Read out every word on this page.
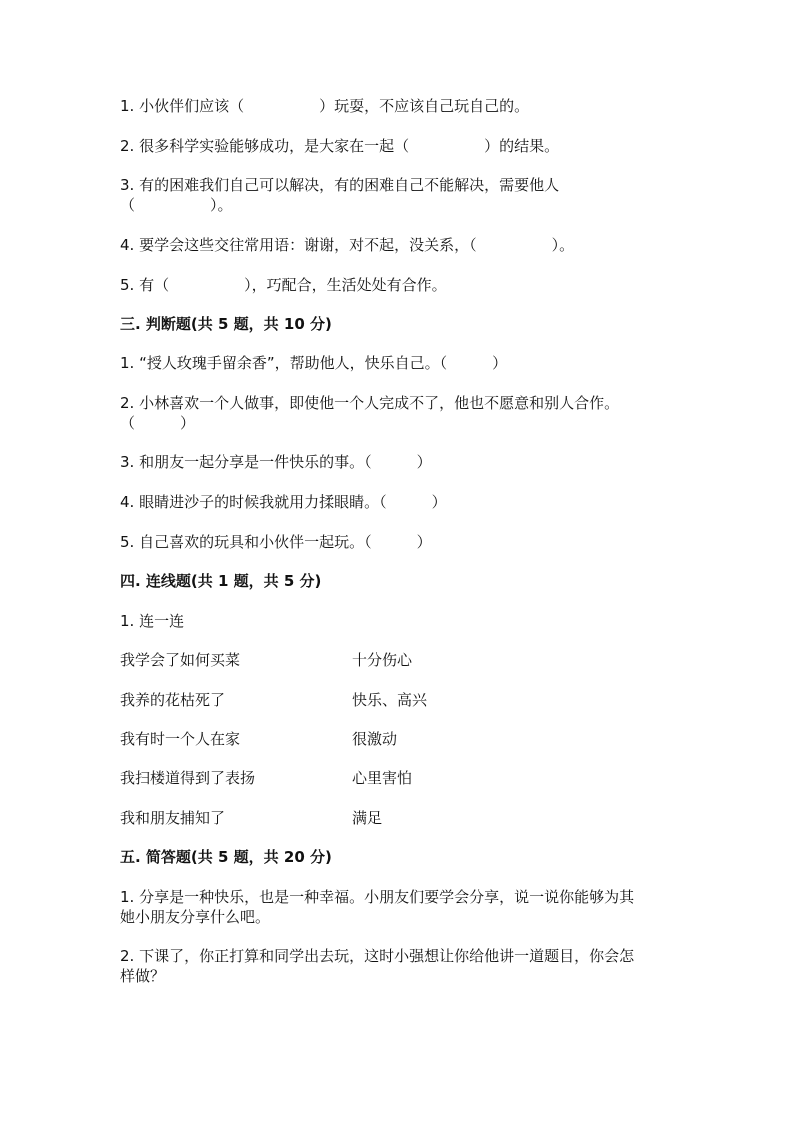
1. 小伙伴们应该（　　　　　）玩耍，不应该自己玩自己的。
2. 很多科学实验能够成功，是大家在一起（　　　　　）的结果。
3. 有的困难我们自己可以解决，有的困难自己不能解决，需要他人
（　　　　　）。
4. 要学会这些交往常用语：谢谢，对不起，没关系，（　　　　　）。
5. 有（　　　　　），巧配合，生活处处有合作。
三. 判断题(共 5 题，共 10 分)
1. “授人玫瑰手留余香”，帮助他人，快乐自己。（　　　）
2. 小林喜欢一个人做事，即使他一个人完成不了，他也不愿意和别人合作。
（　　　）
3. 和朋友一起分享是一件快乐的事。（　　　）
4. 眼睛进沙子的时候我就用力揉眼睛。（　　　）
5. 自己喜欢的玩具和小伙伴一起玩。（　　　）
四. 连线题(共 1 题，共 5 分)
1. 连一连
我学会了如何买菜	十分伤心
我养的花枯死了	快乐、高兴
我有时一个人在家	很激动
我扫楼道得到了表扬	心里害怕
我和朋友捕知了	满足
五. 简答题(共 5 题，共 20 分)
1. 分享是一种快乐，也是一种幸福。小朋友们要学会分享，说一说你能够为其
她小朋友分享什么吧。
2. 下课了，你正打算和同学出去玩，这时小强想让你给他讲一道题目，你会怎
样做？
